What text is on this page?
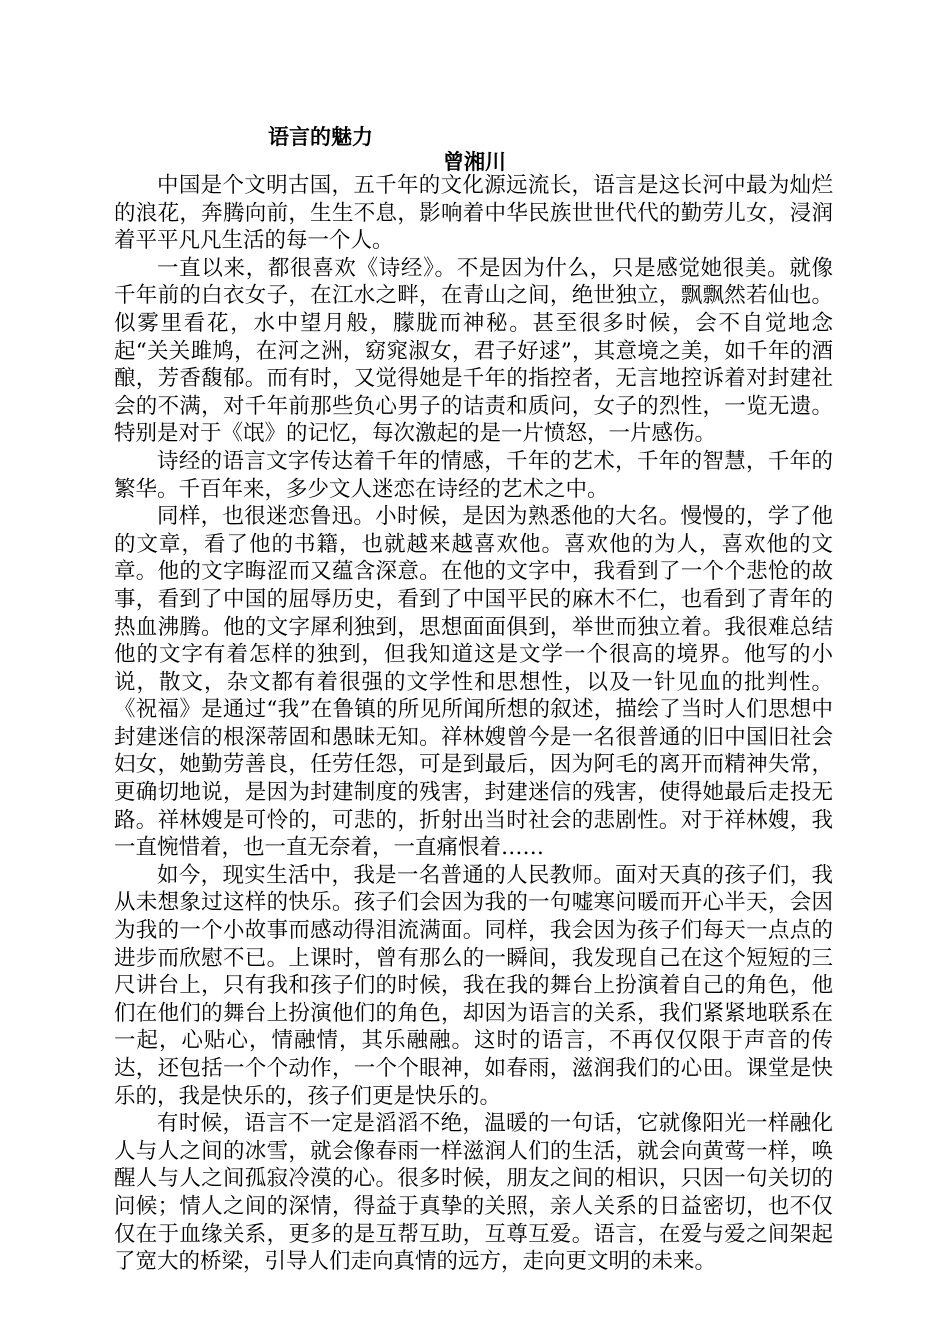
语言的魅力
曾湘川

中国是个文明古国，五千年的文化源远流长，语言是这长河中最为灿烂的浪花，奔腾向前，生生不息，影响着中华民族世世代代的勤劳儿女，浸润着平平凡凡生活的每一个人。

一直以来，都很喜欢《诗经》。不是因为什么，只是感觉她很美。就像千年前的白衣女子，在江水之畔，在青山之间，绝世独立，飘飘然若仙也。似雾里看花，水中望月般，朦胧而神秘。甚至很多时候，会不自觉地念起“关关雎鸠，在河之洲，窈窕淑女，君子好逑”，其意境之美，如千年的酒酿，芳香馥郁。而有时，又觉得她是千年的指控者，无言地控诉着对封建社会的不满，对千年前那些负心男子的诘责和质问，女子的烈性，一览无遗。特别是对于《氓》的记忆，每次激起的是一片愤怒，一片感伤。

诗经的语言文字传达着千年的情感，千年的艺术，千年的智慧，千年的繁华。千百年来，多少文人迷恋在诗经的艺术之中。

同样，也很迷恋鲁迅。小时候，是因为熟悉他的大名。慢慢的，学了他的文章，看了他的书籍，也就越来越喜欢他。喜欢他的为人，喜欢他的文章。他的文字晦涩而又蕴含深意。在他的文字中，我看到了一个个悲怆的故事，看到了中国的屈辱历史，看到了中国平民的麻木不仁，也看到了青年的热血沸腾。他的文字犀利独到，思想面面俱到，举世而独立着。我很难总结他的文字有着怎样的独到，但我知道这是文学一个很高的境界。他写的小说，散文，杂文都有着很强的文学性和思想性，以及一针见血的批判性。《祝福》是通过“我”在鲁镇的所见所闻所想的叙述，描绘了当时人们思想中封建迷信的根深蒂固和愚昧无知。祥林嫂曾今是一名很普通的旧中国旧社会妇女，她勤劳善良，任劳任怨，可是到最后，因为阿毛的离开而精神失常，更确切地说，是因为封建制度的残害，封建迷信的残害，使得她最后走投无路。祥林嫂是可怜的，可悲的，折射出当时社会的悲剧性。对于祥林嫂，我一直惋惜着，也一直无奈着，一直痛恨着……

如今，现实生活中，我是一名普通的人民教师。面对天真的孩子们，我从未想象过这样的快乐。孩子们会因为我的一句嘘寒问暖而开心半天，会因为我的一个小故事而感动得泪流满面。同样，我会因为孩子们每天一点点的进步而欣慰不已。上课时，曾有那么的一瞬间，我发现自己在这个短短的三尺讲台上，只有我和孩子们的时候，我在我的舞台上扮演着自己的角色，他们在他们的舞台上扮演他们的角色，却因为语言的关系，我们紧紧地联系在一起，心贴心，情融情，其乐融融。这时的语言，不再仅仅限于声音的传达，还包括一个个动作，一个个眼神，如春雨，滋润我们的心田。课堂是快乐的，我是快乐的，孩子们更是快乐的。

有时候，语言不一定是滔滔不绝，温暖的一句话，它就像阳光一样融化人与人之间的冰雪，就会像春雨一样滋润人们的生活，就会向黄莺一样，唤醒人与人之间孤寂冷漠的心。很多时候，朋友之间的相识，只因一句关切的问候；情人之间的深情，得益于真挚的关照，亲人关系的日益密切，也不仅仅在于血缘关系，更多的是互帮互助，互尊互爱。语言，在爱与爱之间架起了宽大的桥梁，引导人们走向真情的远方，走向更文明的未来。
